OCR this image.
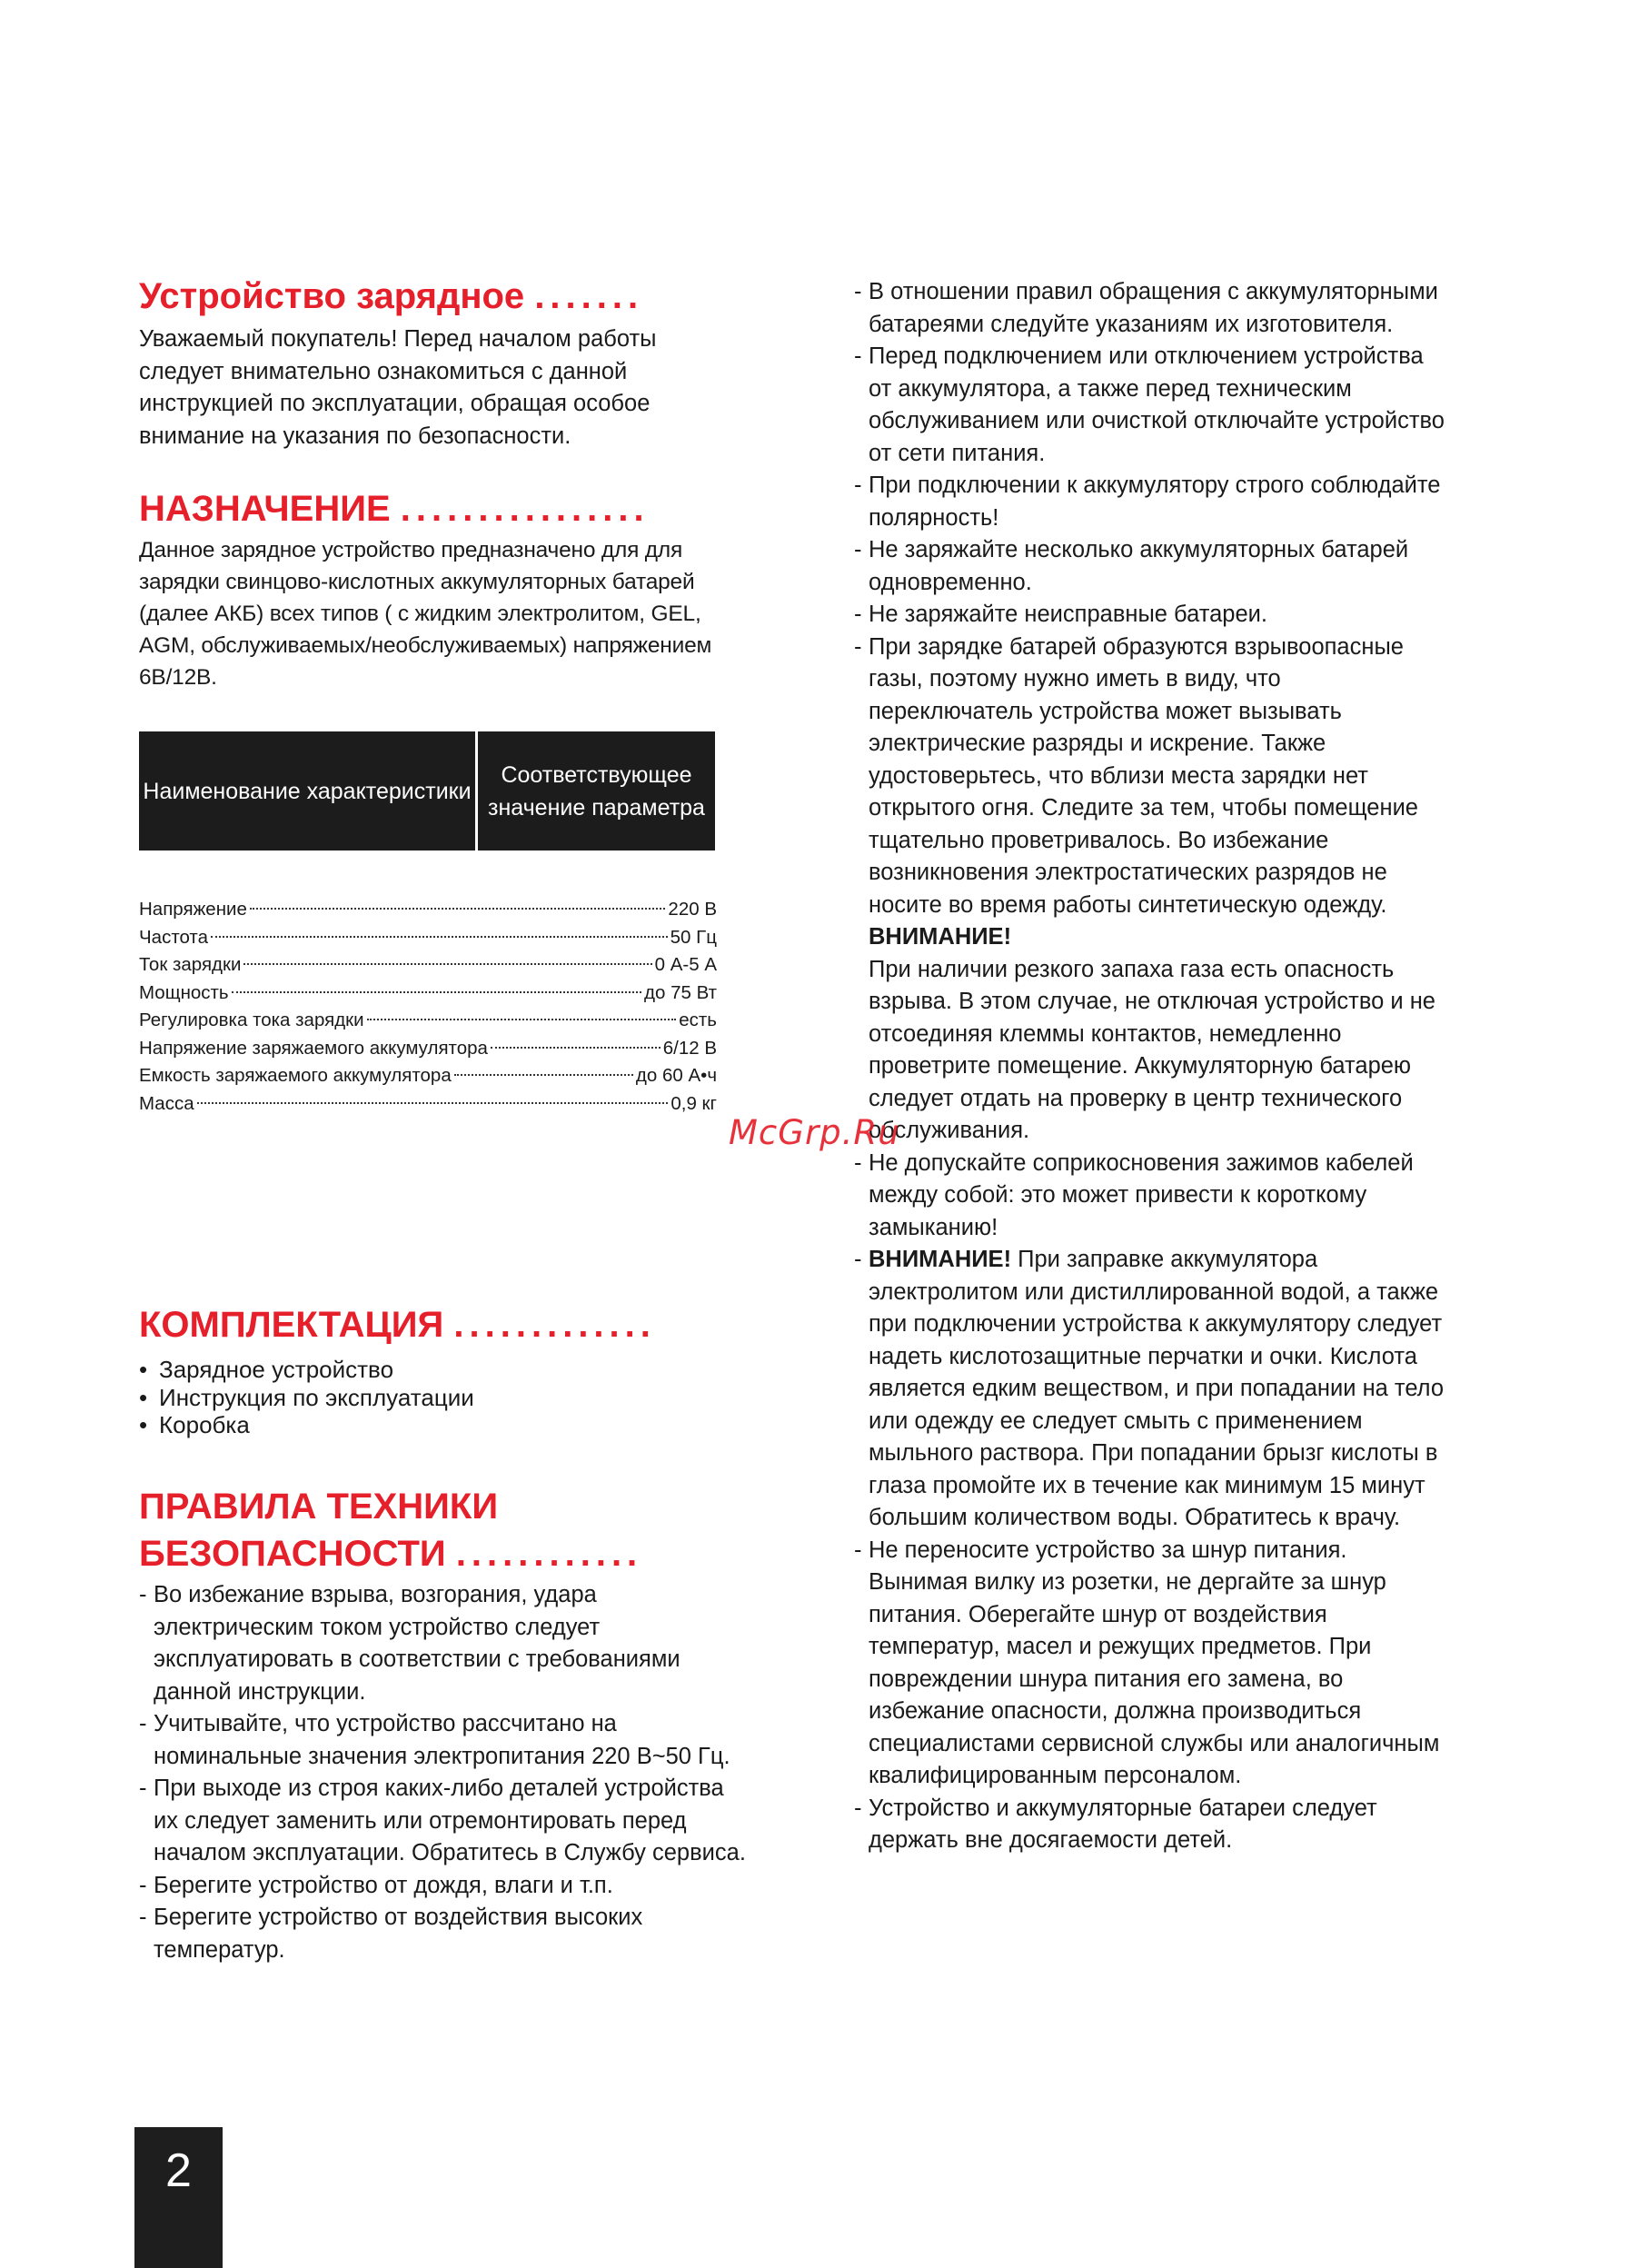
Устройство зарядное .......

Уважаемый покупатель! Перед началом работы следует внимательно ознакомиться с данной инструкцией по эксплуатации, обращая особое внимание на указания по безопасности.

НАЗНАЧЕНИЕ ................

Данное зарядное устройство предназначено для для зарядки свинцово-кислотных аккумуляторных батарей (далее АКБ) всех типов ( с жидким электролитом, GEL, AGM, обслуживаемых/необслуживаемых) напряжением 6В/12В.

Наименование характеристики
Соответствующее значение параметра
Напряжение	220 В
Частота	50 Гц
Ток зарядки	0 А-5 А
Мощность	до 75 Вт
Регулировка тока зарядки	есть
Напряжение заряжаемого аккумулятора	6/12 В
Емкость заряжаемого аккумулятора	до 60 А•ч
Масса	0,9 кг
КОМПЛЕКТАЦИЯ .............
• Зарядное устройство
• Инструкция по эксплуатации
• Коробка
ПРАВИЛА ТЕХНИКИ
БЕЗОПАСНОСТИ ............

- Во избежание взрыва, возгорания, удара электрическим током устройство следует эксплуатировать в соответствии с требованиями данной инструкции.

- Учитывайте, что устройство рассчитано на номинальные значения электропитания 220 В~50 Гц.

- При выходе из строя каких-либо деталей устройства их следует заменить или отремонтировать перед началом эксплуатации. Обратитесь в Службу сервиса.

- Берегите устройство от дождя, влаги и т.п.

- Берегите устройство от воздействия высоких температур.

- В отношении правил обращения с аккумуляторными батареями следуйте указаниям их изготовителя.

- Перед подключением или отключением устройства от аккумулятора, а также перед техническим обслуживанием или очисткой отключайте устройство от сети питания.

- При подключении к аккумулятору строго соблюдайте полярность!

- Не заряжайте несколько аккумуляторных батарей одновременно.

- Не заряжайте неисправные батареи.

- При зарядке батарей образуются взрывоопасные газы, поэтому нужно иметь в виду, что переключатель устройства может вызывать электрические разряды и искрение. Также удостоверьтесь, что вблизи места зарядки нет открытого огня. Следите за тем, чтобы помещение тщательно проветривалось. Во избежание возникновения электростатических разрядов не носите во время работы синтетическую одежду.

ВНИМАНИЕ!

При наличии резкого запаха газа есть опасность взрыва. В этом случае, не отключая устройство и не отсоединяя клеммы контактов, немедленно проветрите помещение. Аккумуляторную батарею следует отдать на проверку в центр технического обслуживания.

- Не допускайте соприкосновения зажимов кабелей между собой: это может привести к короткому замыканию!

- ВНИМАНИЕ! При заправке аккумулятора электролитом или дистиллированной водой, а также при подключении устройства к аккумулятору следует надеть кислотозащитные перчатки и очки. Кислота является едким веществом, и при попадании на тело или одежду ее следует смыть с применением мыльного раствора. При попадании брызг кислоты в глаза промойте их в течение как минимум 15 минут большим количеством воды. Обратитесь к врачу.

- Не переносите устройство за шнур питания. Вынимая вилку из розетки, не дергайте за шнур питания. Оберегайте шнур от воздействия температур, масел и режущих предметов. При повреждении шнура питания его замена, во избежание опасности, должна производиться специалистами сервисной службы или аналогичным квалифицированным персоналом.

- Устройство и аккумуляторные батареи следует держать вне досягаемости детей.

McGrp.Ru
2
